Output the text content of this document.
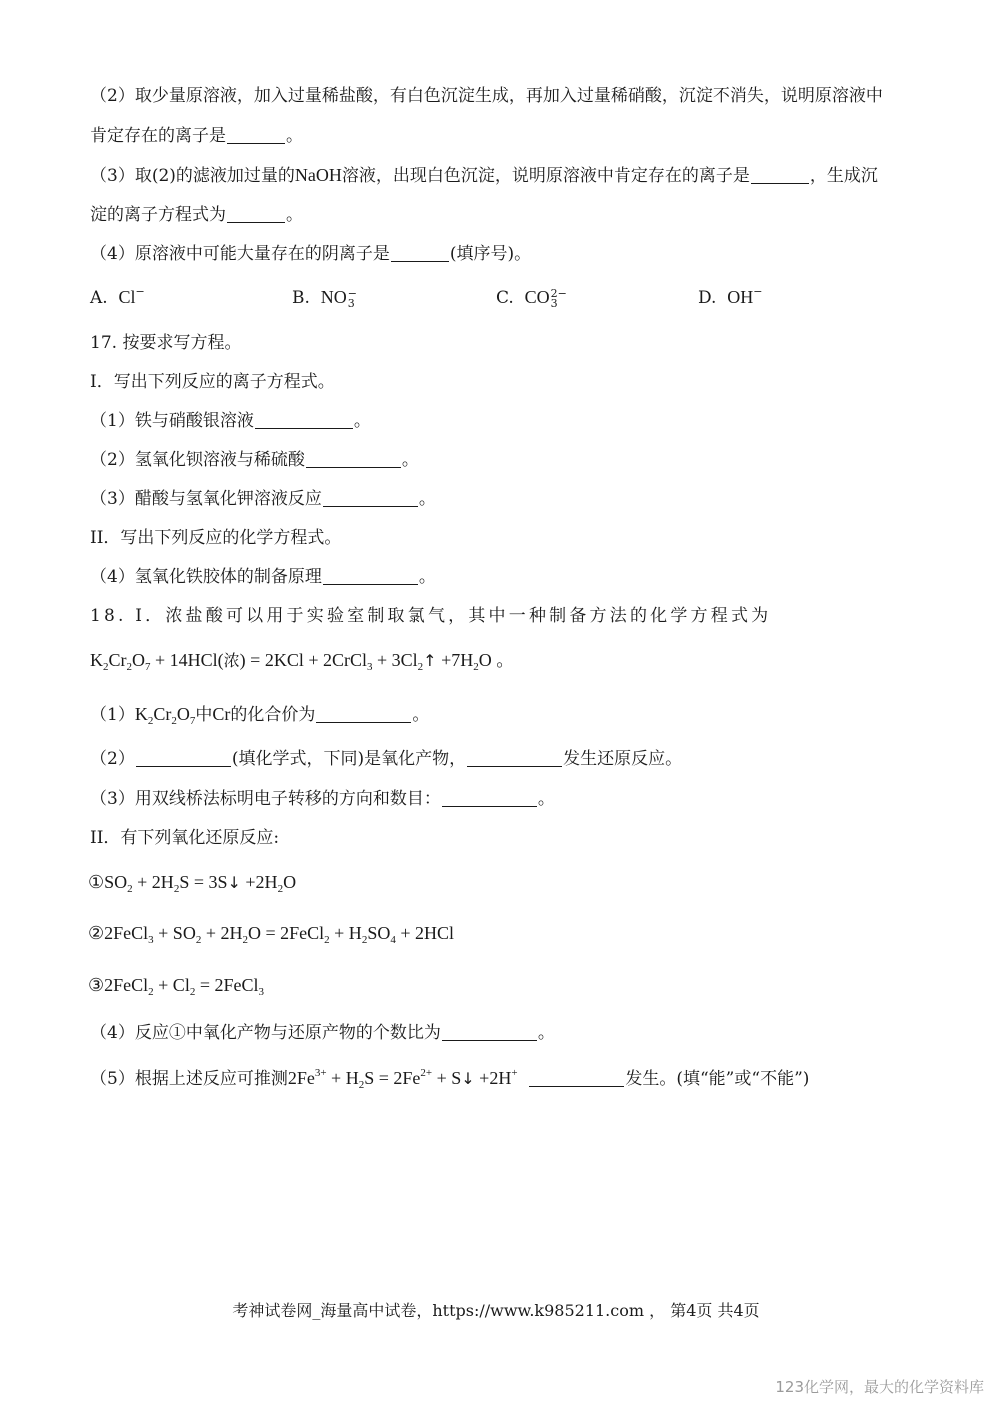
（2）取少量原溶液，加入过量稀盐酸，有白色沉淀生成，再加入过量稀硝酸，沉淀不消失，说明原溶液中
肯定存在的离子是	。
（3）取(2)的滤液加过量的NaOH溶液，出现白色沉淀，说明原溶液中肯定存在的离子是	，生成沉
淀的离子方程式为	。
（4）原溶液中可能大量存在的阴离子是	(填序号)。
A. Cl−	B. NO −
3	C. CO 2−
3	D. OH−
17. 按要求写方程。
I．写出下列反应的离子方程式。
（1）铁与硝酸银溶液	。
（2）氢氧化钡溶液与稀硫酸	。
（3）醋酸与氢氧化钾溶液反应	。
II．写出下列反应的化学方程式。
（4）氢氧化铁胶体的制备原理	。
18. I．浓盐酸可以用于实验室制取氯气，其中一种制备方法的化学方程式为
$K_2Cr_2O_7 + 14HCl$(浓) = 2KCl + 2CrCl$_3$ + $3Cl_2↑ +7H_2O$ 。
$(1)K_2Cr_2O_7$中Cr的化合价为	。
（2）	(填化学式，下同)是氧化产物，	发生还原反应。
（3）用双线桥法标明电子转移的方向和数目：	。
II．有下列氧化还原反应:
$①SO_2 + 2H_2S$ = 3S↓ $+2H_2O$
②2FeCl$_3$ + $SO_2 + 2H_2O$ = 2FeCl$_2$ + $H_2SO_4 + 2HCl$
③2FeCl$_2$ + $Cl_2$ = 2FeCl$_3$
（4）反应①中氧化产物与还原产物的个数比为	。
（5）根据上述反应可推测$2Fe^{3+} + H_2S = 2Fe^{2+}$ + S↓ +2H+	发生。(填“能”或“不能”)
考神试卷网_海量高中试卷，https://www.k985211.com ， 第4页 共4页
123化学网，最大的化学资料库
